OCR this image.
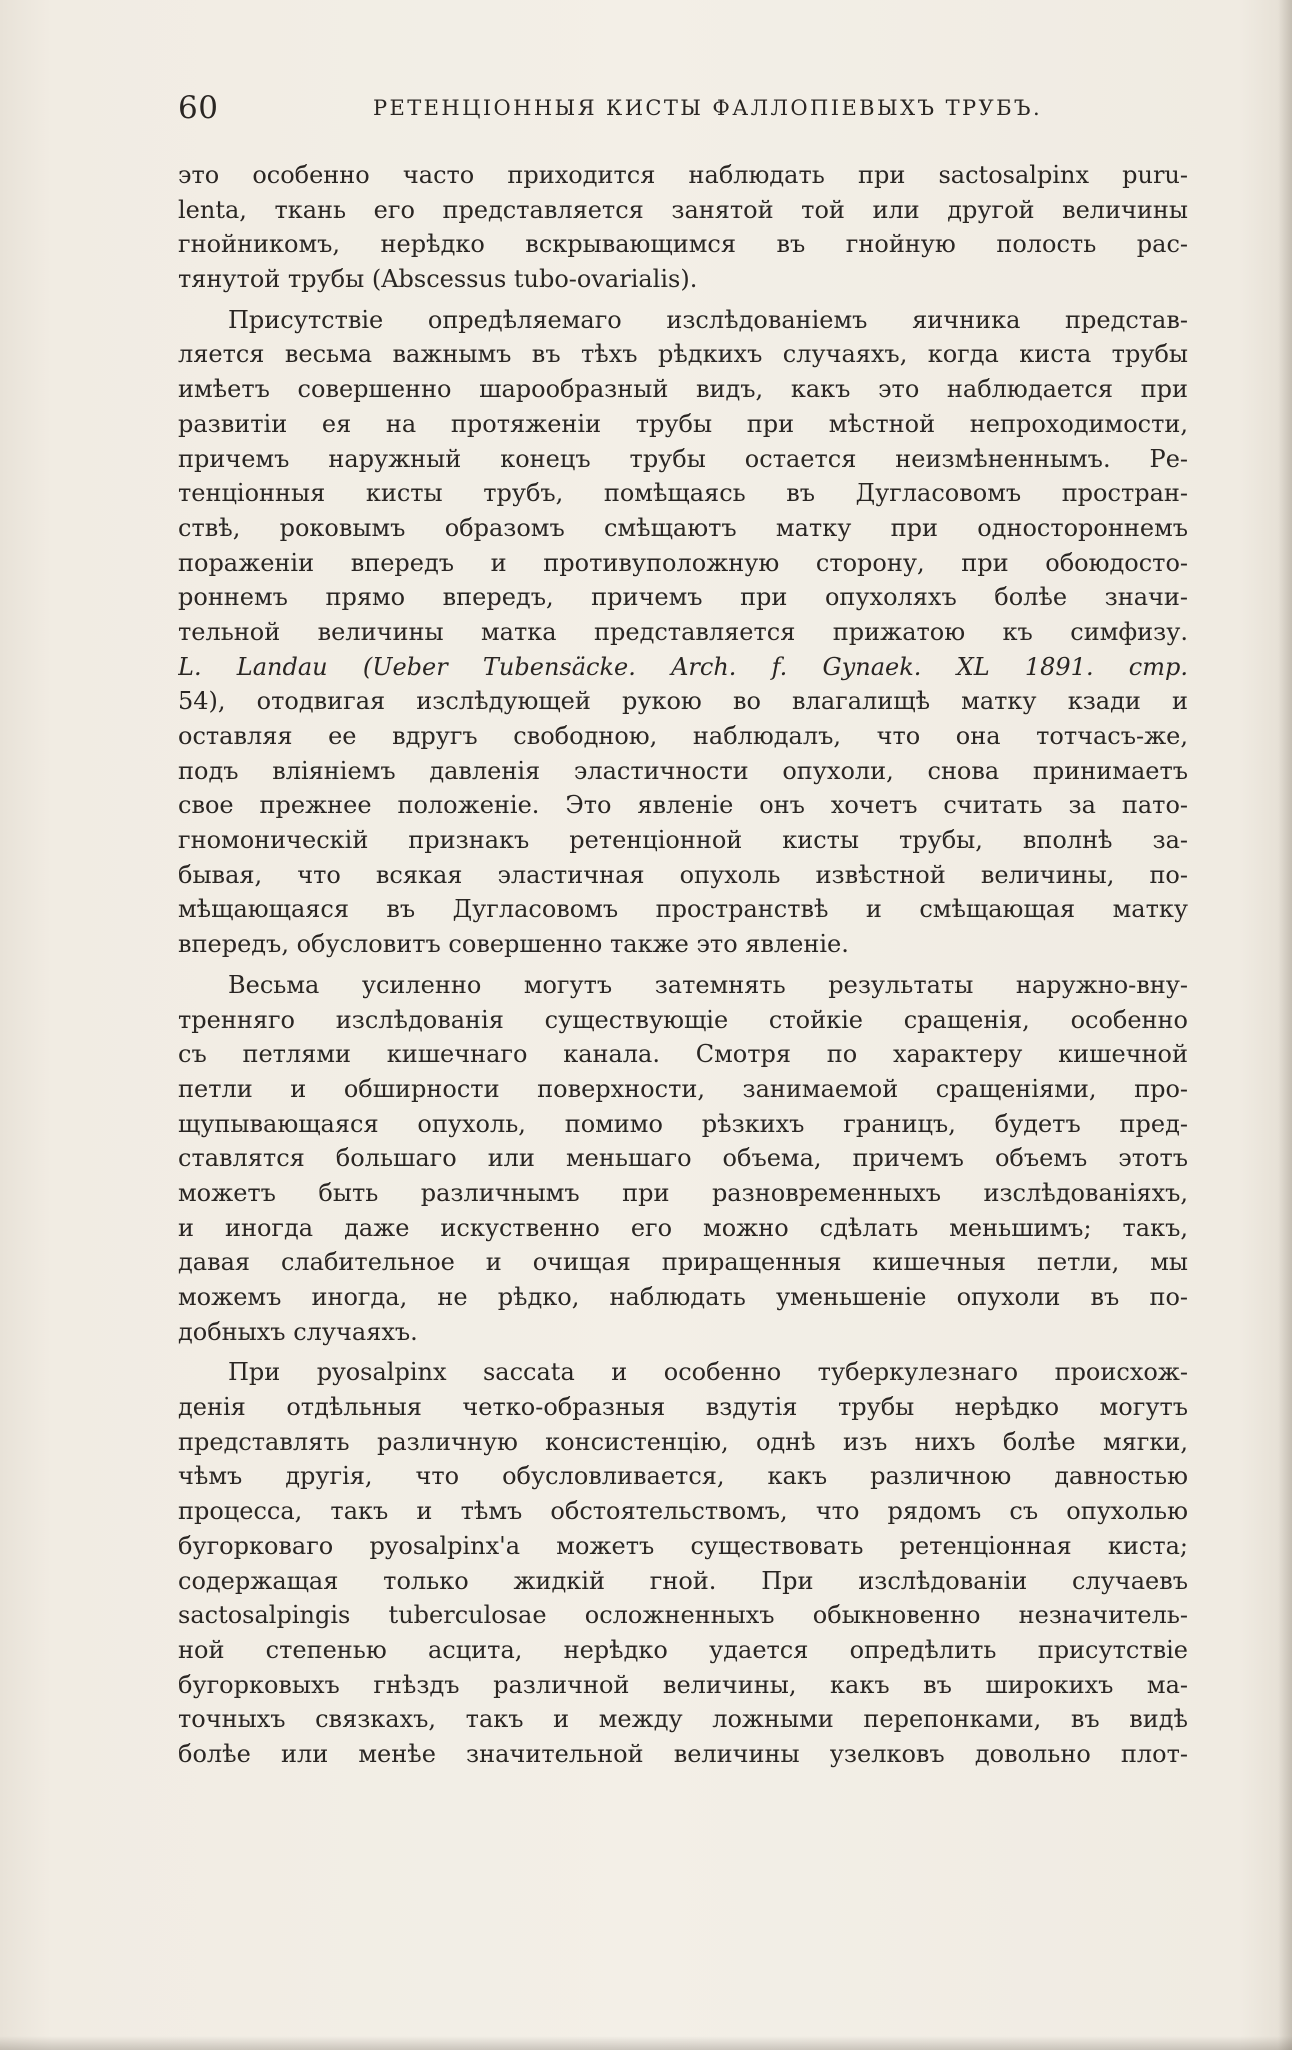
60	РЕТЕНЦІОННЫЯ КИСТЫ ФАЛЛОПІЕВЫХЪ ТРУБЪ.
это особенно часто приходится наблюдать при sactosalpinx puru-
lenta, ткань его представляется занятой той или другой величины
гнойникомъ, нерѣдко вскрывающимся въ гнойную полость рас-
тянутой трубы (Abscessus tubo-ovarialis).
Присутствіе опредѣляемаго изслѣдованіемъ яичника представ-
ляется весьма важнымъ въ тѣхъ рѣдкихъ случаяхъ, когда киста трубы
имѣетъ совершенно шарообразный видъ, какъ это наблюдается при
развитіи ея на протяженіи трубы при мѣстной непроходимости,
причемъ наружный конецъ трубы остается неизмѣненнымъ. Ре-
тенціонныя кисты трубъ, помѣщаясь въ Дугласовомъ простран-
ствѣ, роковымъ образомъ смѣщаютъ матку при одностороннемъ
пораженіи впередъ и противуположную сторону, при обоюдосто-
роннемъ прямо впередъ, причемъ при опухоляхъ болѣе значи-
тельной величины матка представляется прижатою къ симфизу.
L. Landau (Ueber Tubensäcke. Arch. f. Gynaek. XL 1891. стр.
54), отодвигая изслѣдующей рукою во влагалищѣ матку кзади и
оставляя ее вдругъ свободною, наблюдалъ, что она тотчасъ-же,
подъ вліяніемъ давленія эластичности опухоли, снова принимаетъ
свое прежнее положеніе. Это явленіе онъ хочетъ считать за пато-
гномоническій признакъ ретенціонной кисты трубы, вполнѣ за-
бывая, что всякая эластичная опухоль извѣстной величины, по-
мѣщающаяся въ Дугласовомъ пространствѣ и смѣщающая матку
впередъ, обусловитъ совершенно также это явленіе.
Весьма усиленно могутъ затемнять результаты наружно-вну-
тренняго изслѣдованія существующіе стойкіе сращенія, особенно
съ петлями кишечнаго канала. Смотря по характеру кишечной
петли и обширности поверхности, занимаемой сращеніями, про-
щупывающаяся опухоль, помимо рѣзкихъ границъ, будетъ пред-
ставлятся большаго или меньшаго объема, причемъ объемъ этотъ
можетъ быть различнымъ при разновременныхъ изслѣдованіяхъ,
и иногда даже искуственно его можно сдѣлать меньшимъ; такъ,
давая слабительное и очищая приращенныя кишечныя петли, мы
можемъ иногда, не рѣдко, наблюдать уменьшеніе опухоли въ по-
добныхъ случаяхъ.
При pyosalpinx saccata и особенно туберкулезнаго происхож-
денія отдѣльныя четко-образныя вздутія трубы нерѣдко могутъ
представлять различную консистенцію, однѣ изъ нихъ болѣе мягки,
чѣмъ другія, что обусловливается, какъ различною давностью
процесса, такъ и тѣмъ обстоятельствомъ, что рядомъ съ опухолью
бугорковаго pyosalpinx'а можетъ существовать ретенціонная киста;
содержащая только жидкій гной. При изслѣдованіи случаевъ
sactosalpingis tuberculosae осложненныхъ обыкновенно незначитель-
ной степенью асцита, нерѣдко удается опредѣлить присутствіе
бугорковыхъ гнѣздъ различной величины, какъ въ широкихъ ма-
точныхъ связкахъ, такъ и между ложными перепонками, въ видѣ
болѣе или менѣе значительной величины узелковъ довольно плот-
